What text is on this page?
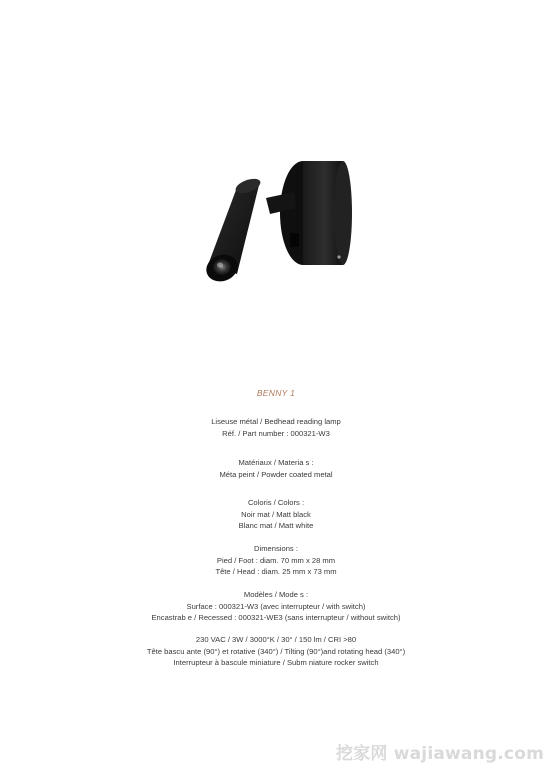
BENNY 1
Liseuse métal / Bedhead reading lamp
Réf. / Part number : 000321-W3
Matériaux / Materia s :
Méta peint / Powder coated metal
Coloris / Colors :
Noir mat / Matt black
Blanc mat / Matt white
Dimensions :
Pied / Foot : diam. 70 mm x 28 mm
Tête / Head : diam. 25 mm x 73 mm
Modèles / Mode s :
Surface : 000321-W3 (avec interrupteur / with switch)
Encastrab e / Recessed : 000321-WE3 (sans interrupteur / without switch)
230 VAC / 3W / 3000°K / 30° / 150 lm / CRI >80
Tête bascu ante (90°) et rotative (340°) / Tilting (90°)and rotating head (340°)
Interrupteur à bascule miniature / Subm niature rocker switch
挖家网 wajiawang.com
